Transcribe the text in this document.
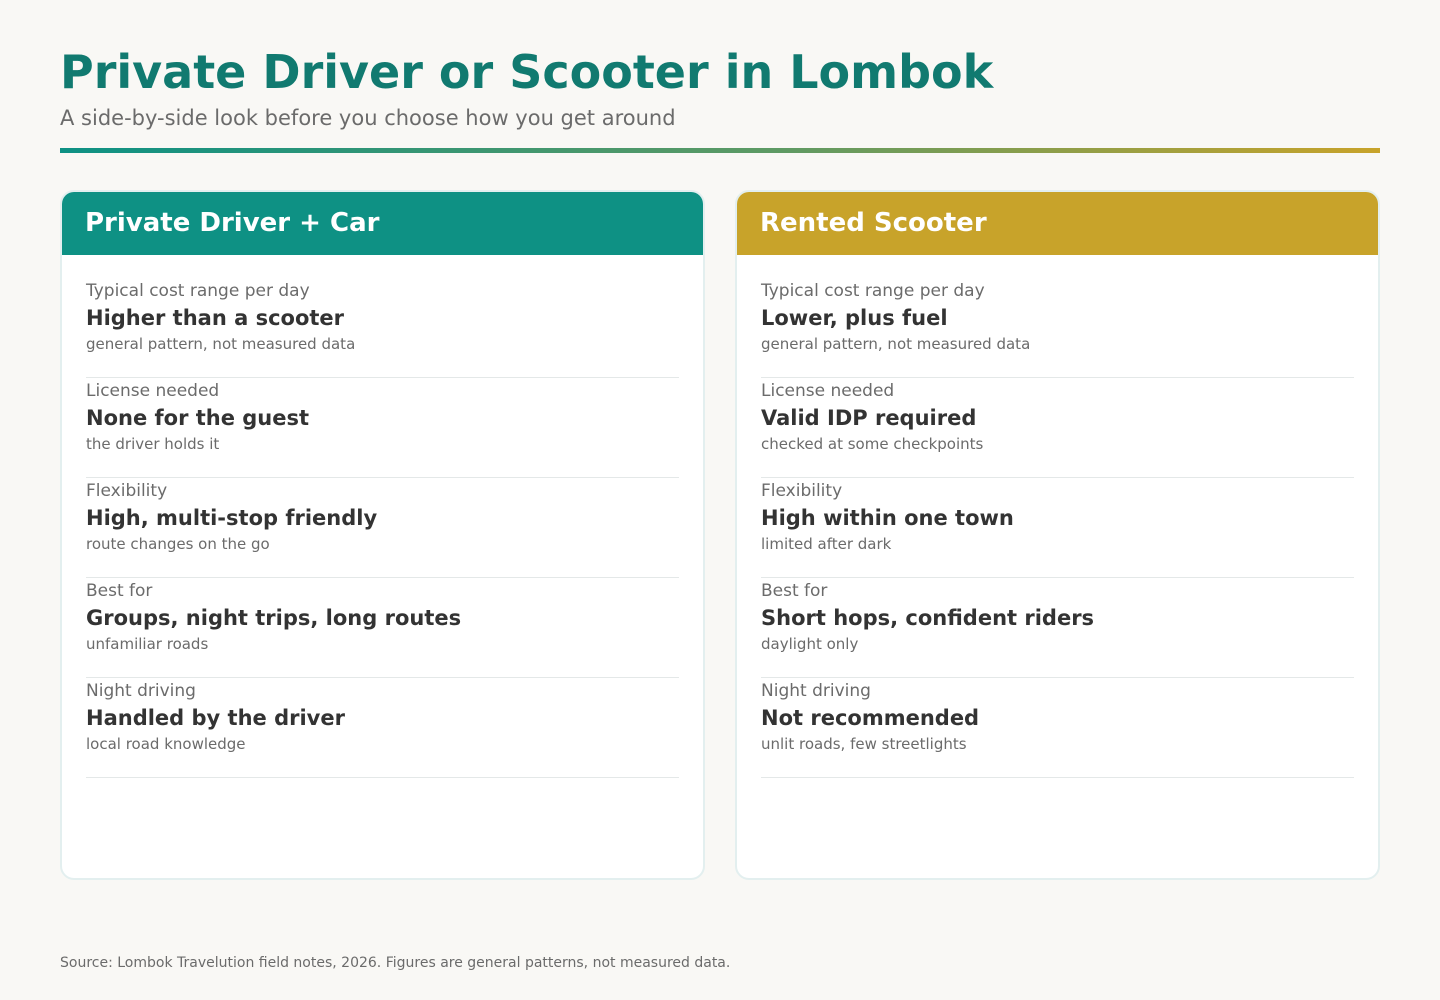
Private Driver or Scooter in Lombok

A side-by-side look before you choose how you get around

Private Driver + Car
Typical cost range per day
Higher than a scooter
general pattern, not measured data
License needed
None for the guest
the driver holds it
Flexibility
High, multi-stop friendly
route changes on the go
Best for
Groups, night trips, long routes
unfamiliar roads
Night driving
Handled by the driver
local road knowledge
Rented Scooter
Typical cost range per day
Lower, plus fuel
general pattern, not measured data
License needed
Valid IDP required
checked at some checkpoints
Flexibility
High within one town
limited after dark
Best for
Short hops, confident riders
daylight only
Night driving
Not recommended
unlit roads, few streetlights
Source: Lombok Travelution field notes, 2026. Figures are general patterns, not measured data.
